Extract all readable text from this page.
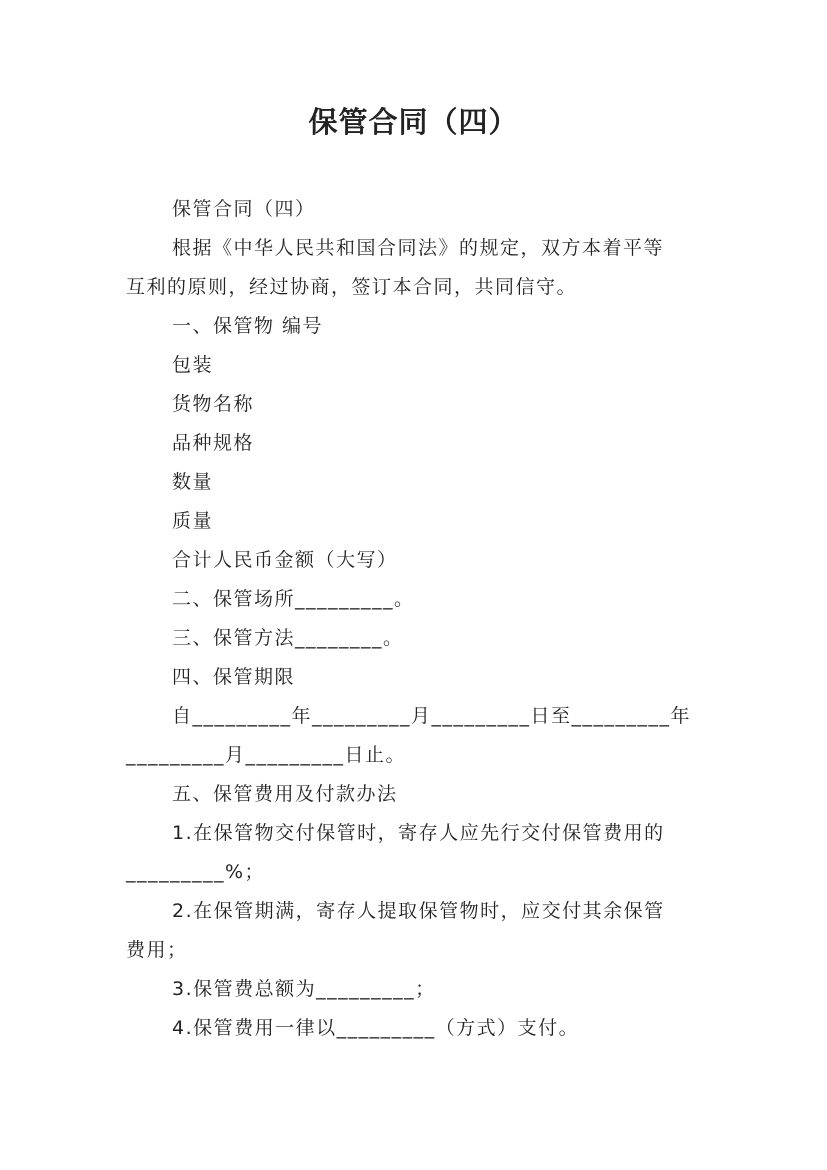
保管合同（四）
保管合同（四）
根据《中华人民共和国合同法》的规定，双方本着平等
互利的原则，经过协商，签订本合同，共同信守。
一、保管物 编号
包装
货物名称
品种规格
数量
质量
合计人民币金额（大写）
二、保管场所_________。
三、保管方法________。
四、保管期限
自_________年_________月_________日至_________年
_________月_________日止。
五、保管费用及付款办法
1.在保管物交付保管时，寄存人应先行交付保管费用的
_________%；
2.在保管期满，寄存人提取保管物时，应交付其余保管
费用；
3.保管费总额为_________；
4.保管费用一律以_________（方式）支付。
